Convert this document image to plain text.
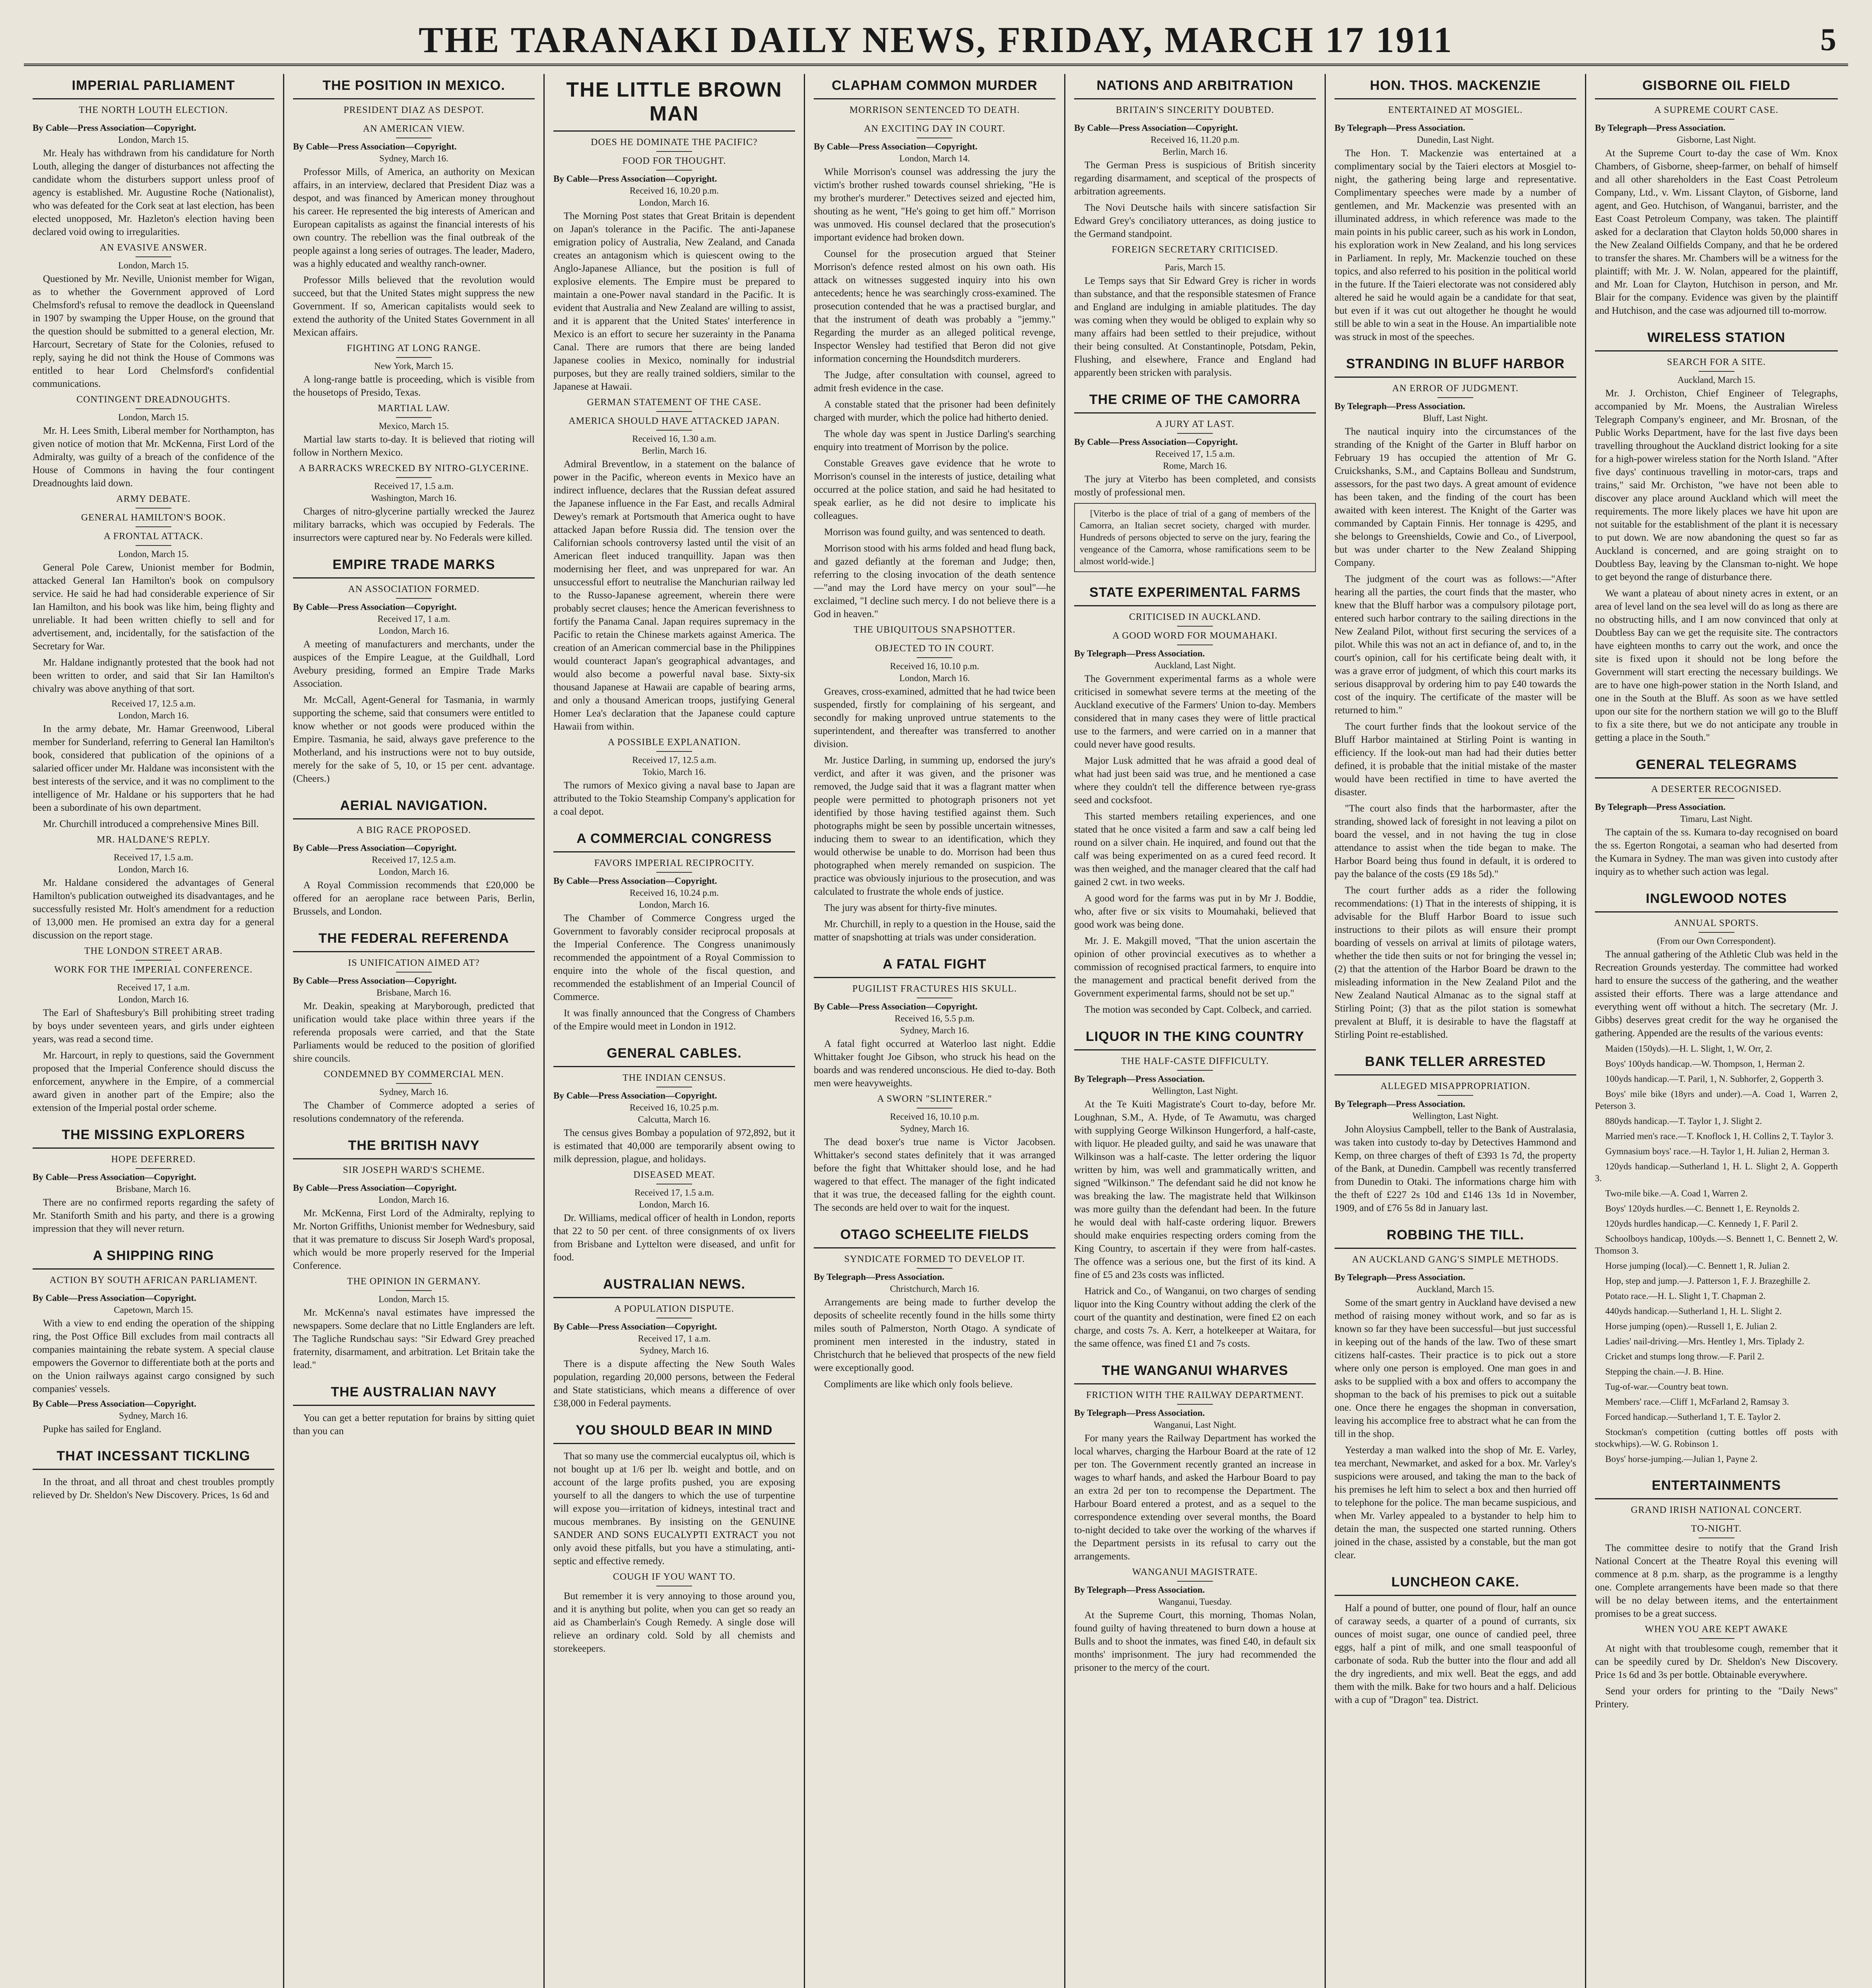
THE TARANAKI DAILY NEWS, FRIDAY, MARCH 17 1911	5
IMPERIAL PARLIAMENT
THE NORTH LOUTH ELECTION.
By Cable—Press Association—Copyright.
London, March 15.

Mr. Healy has withdrawn from his candidature for North Louth, alleging the danger of disturbances not affecting the candidate whom the disturbers support unless proof of agency is established. Mr. Augustine Roche (Nationalist), who was defeated for the Cork seat at last election, has been elected unopposed, Mr. Hazleton's election having been declared void owing to irregularities.

AN EVASIVE ANSWER.
London, March 15.

Questioned by Mr. Neville, Unionist member for Wigan, as to whether the Government approved of Lord Chelmsford's refusal to remove the deadlock in Queensland in 1907 by swamping the Upper House, on the ground that the question should be submitted to a general election, Mr. Harcourt, Secretary of State for the Colonies, refused to reply, saying he did not think the House of Commons was entitled to hear Lord Chelmsford's confidential communications.

CONTINGENT DREADNOUGHTS.
London, March 15.

Mr. H. Lees Smith, Liberal member for Northampton, has given notice of motion that Mr. McKenna, First Lord of the Admiralty, was guilty of a breach of the confidence of the House of Commons in having the four contingent Dreadnoughts laid down.

ARMY DEBATE.
GENERAL HAMILTON'S BOOK.
A FRONTAL ATTACK.
London, March 15.

General Pole Carew, Unionist member for Bodmin, attacked General Ian Hamilton's book on compulsory service. He said he had had considerable experience of Sir Ian Hamilton, and his book was like him, being flighty and unreliable. It had been written chiefly to sell and for advertisement, and, incidentally, for the satisfaction of the Secretary for War.

Mr. Haldane indignantly protested that the book had not been written to order, and said that Sir Ian Hamilton's chivalry was above anything of that sort.

Received 17, 12.5 a.m.
London, March 16.

In the army debate, Mr. Hamar Greenwood, Liberal member for Sunderland, referring to General Ian Hamilton's book, considered that publication of the opinions of a salaried officer under Mr. Haldane was inconsistent with the best interests of the service, and it was no compliment to the intelligence of Mr. Haldane or his supporters that he had been a subordinate of his own department.

Mr. Churchill introduced a comprehensive Mines Bill.

MR. HALDANE'S REPLY.
Received 17, 1.5 a.m.
London, March 16.

Mr. Haldane considered the advantages of General Hamilton's publication outweighed its disadvantages, and he successfully resisted Mr. Holt's amendment for a reduction of 13,000 men. He promised an extra day for a general discussion on the report stage.

THE LONDON STREET ARAB.
WORK FOR THE IMPERIAL CONFERENCE.
Received 17, 1 a.m.
London, March 16.

The Earl of Shaftesbury's Bill prohibiting street trading by boys under seventeen years, and girls under eighteen years, was read a second time.

Mr. Harcourt, in reply to questions, said the Government proposed that the Imperial Conference should discuss the enforcement, anywhere in the Empire, of a commercial award given in another part of the Empire; also the extension of the Imperial postal order scheme.

THE MISSING EXPLORERS
HOPE DEFERRED.
By Cable—Press Association—Copyright.
Brisbane, March 16.

There are no confirmed reports regarding the safety of Mr. Staniforth Smith and his party, and there is a growing impression that they will never return.

A SHIPPING RING
ACTION BY SOUTH AFRICAN PARLIAMENT.
By Cable—Press Association—Copyright.
Capetown, March 15.

With a view to end ending the operation of the shipping ring, the Post Office Bill excludes from mail contracts all companies maintaining the rebate system. A special clause empowers the Governor to differentiate both at the ports and on the Union railways against cargo consigned by such companies' vessels.

By Cable—Press Association—Copyright.
Sydney, March 16.

Pupke has sailed for England.

THAT INCESSANT TICKLING

In the throat, and all throat and chest troubles promptly relieved by Dr. Sheldon's New Discovery. Prices, 1s 6d and

THE POSITION IN MEXICO.
PRESIDENT DIAZ AS DESPOT.
AN AMERICAN VIEW.
By Cable—Press Association—Copyright.
Sydney, March 16.

Professor Mills, of America, an authority on Mexican affairs, in an interview, declared that President Diaz was a despot, and was financed by American money throughout his career. He represented the big interests of American and European capitalists as against the financial interests of his own country. The rebellion was the final outbreak of the people against a long series of outrages. The leader, Madero, was a highly educated and wealthy ranch-owner.

Professor Mills believed that the revolution would succeed, but that the United States might suppress the new Government. If so, American capitalists would seek to extend the authority of the United States Government in all Mexican affairs.

FIGHTING AT LONG RANGE.
New York, March 15.

A long-range battle is proceeding, which is visible from the housetops of Presido, Texas.

MARTIAL LAW.
Mexico, March 15.

Martial law starts to-day. It is believed that rioting will follow in Northern Mexico.

A BARRACKS WRECKED BY NITRO-GLYCERINE.
Received 17, 1.5 a.m.
Washington, March 16.

Charges of nitro-glycerine partially wrecked the Jaurez military barracks, which was occupied by Federals. The insurrectors were captured near by. No Federals were killed.

EMPIRE TRADE MARKS
AN ASSOCIATION FORMED.
By Cable—Press Association—Copyright.
Received 17, 1 a.m.
London, March 16.

A meeting of manufacturers and merchants, under the auspices of the Empire League, at the Guildhall, Lord Avebury presiding, formed an Empire Trade Marks Association.

Mr. McCall, Agent-General for Tasmania, in warmly supporting the scheme, said that consumers were entitled to know whether or not goods were produced within the Empire. Tasmania, he said, always gave preference to the Motherland, and his instructions were not to buy outside, merely for the sake of 5, 10, or 15 per cent. advantage. (Cheers.)

AERIAL NAVIGATION.
A BIG RACE PROPOSED.
By Cable—Press Association—Copyright.
Received 17, 12.5 a.m.
London, March 16.

A Royal Commission recommends that £20,000 be offered for an aeroplane race between Paris, Berlin, Brussels, and London.

THE FEDERAL REFERENDA
IS UNIFICATION AIMED AT?
By Cable—Press Association—Copyright.
Brisbane, March 16.

Mr. Deakin, speaking at Maryborough, predicted that unification would take place within three years if the referenda proposals were carried, and that the State Parliaments would be reduced to the position of glorified shire councils.

CONDEMNED BY COMMERCIAL MEN.
Sydney, March 16.

The Chamber of Commerce adopted a series of resolutions condemnatory of the referenda.

THE BRITISH NAVY
SIR JOSEPH WARD'S SCHEME.
By Cable—Press Association—Copyright.
London, March 16.

Mr. McKenna, First Lord of the Admiralty, replying to Mr. Norton Griffiths, Unionist member for Wednesbury, said that it was premature to discuss Sir Joseph Ward's proposal, which would be more properly reserved for the Imperial Conference.

THE OPINION IN GERMANY.
London, March 15.

Mr. McKenna's naval estimates have impressed the newspapers. Some declare that no Little Englanders are left. The Tagliche Rundschau says: "Sir Edward Grey preached fraternity, disarmament, and arbitration. Let Britain take the lead."

THE AUSTRALIAN NAVY

You can get a better reputation for brains by sitting quiet than you can

THE LITTLE BROWN MAN
DOES HE DOMINATE THE PACIFIC?
FOOD FOR THOUGHT.
By Cable—Press Association—Copyright.
Received 16, 10.20 p.m.
London, March 16.

The Morning Post states that Great Britain is dependent on Japan's tolerance in the Pacific. The anti-Japanese emigration policy of Australia, New Zealand, and Canada creates an antagonism which is quiescent owing to the Anglo-Japanese Alliance, but the position is full of explosive elements. The Empire must be prepared to maintain a one-Power naval standard in the Pacific. It is evident that Australia and New Zealand are willing to assist, and it is apparent that the United States' interference in Mexico is an effort to secure her suzerainty in the Panama Canal. There are rumors that there are being landed Japanese coolies in Mexico, nominally for industrial purposes, but they are really trained soldiers, similar to the Japanese at Hawaii.

GERMAN STATEMENT OF THE CASE.
AMERICA SHOULD HAVE ATTACKED JAPAN.
Received 16, 1.30 a.m.
Berlin, March 16.

Admiral Breventlow, in a statement on the balance of power in the Pacific, whereon events in Mexico have an indirect influence, declares that the Russian defeat assured the Japanese influence in the Far East, and recalls Admiral Dewey's remark at Portsmouth that America ought to have attacked Japan before Russia did. The tension over the Californian schools controversy lasted until the visit of an American fleet induced tranquillity. Japan was then modernising her fleet, and was unprepared for war. An unsuccessful effort to neutralise the Manchurian railway led to the Russo-Japanese agreement, wherein there were probably secret clauses; hence the American feverishness to fortify the Panama Canal. Japan requires supremacy in the Pacific to retain the Chinese markets against America. The creation of an American commercial base in the Philippines would counteract Japan's geographical advantages, and would also become a powerful naval base. Sixty-six thousand Japanese at Hawaii are capable of bearing arms, and only a thousand American troops, justifying General Homer Lea's declaration that the Japanese could capture Hawaii from within.

A POSSIBLE EXPLANATION.
Received 17, 12.5 a.m.
Tokio, March 16.

The rumors of Mexico giving a naval base to Japan are attributed to the Tokio Steamship Company's application for a coal depot.

A COMMERCIAL CONGRESS
FAVORS IMPERIAL RECIPROCITY.
By Cable—Press Association—Copyright.
Received 16, 10.24 p.m.
London, March 16.

The Chamber of Commerce Congress urged the Government to favorably consider reciprocal proposals at the Imperial Conference. The Congress unanimously recommended the appointment of a Royal Commission to enquire into the whole of the fiscal question, and recommended the establishment of an Imperial Council of Commerce.

It was finally announced that the Congress of Chambers of the Empire would meet in London in 1912.

GENERAL CABLES.
THE INDIAN CENSUS.
By Cable—Press Association—Copyright.
Received 16, 10.25 p.m.
Calcutta, March 16.

The census gives Bombay a population of 972,892, but it is estimated that 40,000 are temporarily absent owing to milk depression, plague, and holidays.

DISEASED MEAT.
Received 17, 1.5 a.m.
London, March 16.

Dr. Williams, medical officer of health in London, reports that 22 to 50 per cent. of three consignments of ox livers from Brisbane and Lyttelton were diseased, and unfit for food.

AUSTRALIAN NEWS.
A POPULATION DISPUTE.
By Cable—Press Association—Copyright.
Received 17, 1 a.m.
Sydney, March 16.

There is a dispute affecting the New South Wales population, regarding 20,000 persons, between the Federal and State statisticians, which means a difference of over £38,000 in Federal payments.

YOU SHOULD BEAR IN MIND

That so many use the commercial eucalyptus oil, which is not bought up at 1/6 per lb. weight and bottle, and on account of the large profits pushed, you are exposing yourself to all the dangers to which the use of turpentine will expose you—irritation of kidneys, intestinal tract and mucous membranes. By insisting on the GENUINE SANDER AND SONS EUCALYPTI EXTRACT you not only avoid these pitfalls, but you have a stimulating, anti-septic and effective remedy.

COUGH IF YOU WANT TO.

But remember it is very annoying to those around you, and it is anything but polite, when you can get so ready an aid as Chamberlain's Cough Remedy. A single dose will relieve an ordinary cold. Sold by all chemists and storekeepers.

CLAPHAM COMMON MURDER
MORRISON SENTENCED TO DEATH.
AN EXCITING DAY IN COURT.
By Cable—Press Association—Copyright.
London, March 14.

While Morrison's counsel was addressing the jury the victim's brother rushed towards counsel shrieking, "He is my brother's murderer." Detectives seized and ejected him, shouting as he went, "He's going to get him off." Morrison was unmoved. His counsel declared that the prosecution's important evidence had broken down.

Counsel for the prosecution argued that Steiner Morrison's defence rested almost on his own oath. His attack on witnesses suggested inquiry into his own antecedents; hence he was searchingly cross-examined. The prosecution contended that he was a practised burglar, and that the instrument of death was probably a "jemmy." Regarding the murder as an alleged political revenge, Inspector Wensley had testified that Beron did not give information concerning the Houndsditch murderers.

The Judge, after consultation with counsel, agreed to admit fresh evidence in the case.

A constable stated that the prisoner had been definitely charged with murder, which the police had hitherto denied.

The whole day was spent in Justice Darling's searching enquiry into treatment of Morrison by the police.

Constable Greaves gave evidence that he wrote to Morrison's counsel in the interests of justice, detailing what occurred at the police station, and said he had hesitated to speak earlier, as he did not desire to implicate his colleagues.

Morrison was found guilty, and was sentenced to death.

Morrison stood with his arms folded and head flung back, and gazed defiantly at the foreman and Judge; then, referring to the closing invocation of the death sentence—"and may the Lord have mercy on your soul"—he exclaimed, "I decline such mercy. I do not believe there is a God in heaven."

THE UBIQUITOUS SNAPSHOTTER.
OBJECTED TO IN COURT.
Received 16, 10.10 p.m.
London, March 16.

Greaves, cross-examined, admitted that he had twice been suspended, firstly for complaining of his sergeant, and secondly for making unproved untrue statements to the superintendent, and thereafter was transferred to another division.

Mr. Justice Darling, in summing up, endorsed the jury's verdict, and after it was given, and the prisoner was removed, the Judge said that it was a flagrant matter when people were permitted to photograph prisoners not yet identified by those having testified against them. Such photographs might be seen by possible uncertain witnesses, inducing them to swear to an identification, which they would otherwise be unable to do. Morrison had been thus photographed when merely remanded on suspicion. The practice was obviously injurious to the prosecution, and was calculated to frustrate the whole ends of justice.

The jury was absent for thirty-five minutes.

Mr. Churchill, in reply to a question in the House, said the matter of snapshotting at trials was under consideration.

A FATAL FIGHT
PUGILIST FRACTURES HIS SKULL.
By Cable—Press Association—Copyright.
Received 16, 5.5 p.m.
Sydney, March 16.

A fatal fight occurred at Waterloo last night. Eddie Whittaker fought Joe Gibson, who struck his head on the boards and was rendered unconscious. He died to-day. Both men were heavyweights.

A SWORN "SLINTERER."
Received 16, 10.10 p.m.
Sydney, March 16.

The dead boxer's true name is Victor Jacobsen. Whittaker's second states definitely that it was arranged before the fight that Whittaker should lose, and he had wagered to that effect. The manager of the fight indicated that it was true, the deceased falling for the eighth count. The seconds are held over to wait for the inquest.

OTAGO SCHEELITE FIELDS
SYNDICATE FORMED TO DEVELOP IT.
By Telegraph—Press Association.
Christchurch, March 16.

Arrangements are being made to further develop the deposits of scheelite recently found in the hills some thirty miles south of Palmerston, North Otago. A syndicate of prominent men interested in the industry, stated in Christchurch that he believed that prospects of the new field were exceptionally good.

Compliments are like which only fools believe.

NATIONS AND ARBITRATION
BRITAIN'S SINCERITY DOUBTED.
By Cable—Press Association—Copyright.
Received 16, 11.20 p.m.
Berlin, March 16.

The German Press is suspicious of British sincerity regarding disarmament, and sceptical of the prospects of arbitration agreements.

The Novi Deutsche hails with sincere satisfaction Sir Edward Grey's conciliatory utterances, as doing justice to the Germand standpoint.

FOREIGN SECRETARY CRITICISED.
Paris, March 15.

Le Temps says that Sir Edward Grey is richer in words than substance, and that the responsible statesmen of France and England are indulging in amiable platitudes. The day was coming when they would be obliged to explain why so many affairs had been settled to their prejudice, without their being consulted. At Constantinople, Potsdam, Pekin, Flushing, and elsewhere, France and England had apparently been stricken with paralysis.

THE CRIME OF THE CAMORRA
A JURY AT LAST.
By Cable—Press Association—Copyright.
Received 17, 1.5 a.m.
Rome, March 16.

The jury at Viterbo has been completed, and consists mostly of professional men.

[Viterbo is the place of trial of a gang of members of the Camorra, an Italian secret society, charged with murder. Hundreds of persons objected to serve on the jury, fearing the vengeance of the Camorra, whose ramifications seem to be almost world-wide.]

STATE EXPERIMENTAL FARMS
CRITICISED IN AUCKLAND.
A GOOD WORD FOR MOUMAHAKI.
By Telegraph—Press Association.
Auckland, Last Night.

The Government experimental farms as a whole were criticised in somewhat severe terms at the meeting of the Auckland executive of the Farmers' Union to-day. Members considered that in many cases they were of little practical use to the farmers, and were carried on in a manner that could never have good results.

Major Lusk admitted that he was afraid a good deal of what had just been said was true, and he mentioned a case where they couldn't tell the difference between rye-grass seed and cocksfoot.

This started members retailing experiences, and one stated that he once visited a farm and saw a calf being led round on a silver chain. He inquired, and found out that the calf was being experimented on as a cured feed record. It was then weighed, and the manager cleared that the calf had gained 2 cwt. in two weeks.

A good word for the farms was put in by Mr J. Boddie, who, after five or six visits to Moumahaki, believed that good work was being done.

Mr. J. E. Makgill moved, "That the union ascertain the opinion of other provincial executives as to whether a commission of recognised practical farmers, to enquire into the management and practical benefit derived from the Government experimental farms, should not be set up."

The motion was seconded by Capt. Colbeck, and carried.

LIQUOR IN THE KING COUNTRY
THE HALF-CASTE DIFFICULTY.
By Telegraph—Press Association.
Wellington, Last Night.

At the Te Kuiti Magistrate's Court to-day, before Mr. Loughnan, S.M., A. Hyde, of Te Awamutu, was charged with supplying George Wilkinson Hungerford, a half-caste, with liquor. He pleaded guilty, and said he was unaware that Wilkinson was a half-caste. The letter ordering the liquor written by him, was well and grammatically written, and signed "Wilkinson." The defendant said he did not know he was breaking the law. The magistrate held that Wilkinson was more guilty than the defendant had been. In the future he would deal with half-caste ordering liquor. Brewers should make enquiries respecting orders coming from the King Country, to ascertain if they were from half-castes. The offence was a serious one, but the first of its kind. A fine of £5 and 23s costs was inflicted.

Hatrick and Co., of Wanganui, on two charges of sending liquor into the King Country without adding the clerk of the court of the quantity and destination, were fined £2 on each charge, and costs 7s. A. Kerr, a hotelkeeper at Waitara, for the same offence, was fined £1 and 7s costs.

THE WANGANUI WHARVES
FRICTION WITH THE RAILWAY DEPARTMENT.
By Telegraph—Press Association.
Wanganui, Last Night.

For many years the Railway Department has worked the local wharves, charging the Harbour Board at the rate of 12 per ton. The Government recently granted an increase in wages to wharf hands, and asked the Harbour Board to pay an extra 2d per ton to recompense the Department. The Harbour Board entered a protest, and as a sequel to the correspondence extending over several months, the Board to-night decided to take over the working of the wharves if the Department persists in its refusal to carry out the arrangements.

WANGANUI MAGISTRATE.
By Telegraph—Press Association.
Wanganui, Tuesday.

At the Supreme Court, this morning, Thomas Nolan, found guilty of having threatened to burn down a house at Bulls and to shoot the inmates, was fined £40, in default six months' imprisonment. The jury had recommended the prisoner to the mercy of the court.

HON. THOS. MACKENZIE
ENTERTAINED AT MOSGIEL.
By Telegraph—Press Association.
Dunedin, Last Night.

The Hon. T. Mackenzie was entertained at a complimentary social by the Taieri electors at Mosgiel to-night, the gathering being large and representative. Complimentary speeches were made by a number of gentlemen, and Mr. Mackenzie was presented with an illuminated address, in which reference was made to the main points in his public career, such as his work in London, his exploration work in New Zealand, and his long services in Parliament. In reply, Mr. Mackenzie touched on these topics, and also referred to his position in the political world in the future. If the Taieri electorate was not considered ably altered he said he would again be a candidate for that seat, but even if it was cut out altogether he thought he would still be able to win a seat in the House. An impartialible note was struck in most of the speeches.

STRANDING IN BLUFF HARBOR
AN ERROR OF JUDGMENT.
By Telegraph—Press Association.
Bluff, Last Night.

The nautical inquiry into the circumstances of the stranding of the Knight of the Garter in Bluff harbor on February 19 has occupied the attention of Mr G. Cruickshanks, S.M., and Captains Bolleau and Sundstrum, assessors, for the past two days. A great amount of evidence has been taken, and the finding of the court has been awaited with keen interest. The Knight of the Garter was commanded by Captain Finnis. Her tonnage is 4295, and she belongs to Greenshields, Cowie and Co., of Liverpool, but was under charter to the New Zealand Shipping Company.

The judgment of the court was as follows:—"After hearing all the parties, the court finds that the master, who knew that the Bluff harbor was a compulsory pilotage port, entered such harbor contrary to the sailing directions in the New Zealand Pilot, without first securing the services of a pilot. While this was not an act in defiance of, and to, in the court's opinion, call for his certificate being dealt with, it was a grave error of judgment, of which this court marks its serious disapproval by ordering him to pay £40 towards the cost of the inquiry. The certificate of the master will be returned to him."

The court further finds that the lookout service of the Bluff Harbor maintained at Stirling Point is wanting in efficiency. If the look-out man had had their duties better defined, it is probable that the initial mistake of the master would have been rectified in time to have averted the disaster.

"The court also finds that the harbormaster, after the stranding, showed lack of foresight in not leaving a pilot on board the vessel, and in not having the tug in close attendance to assist when the tide began to make. The Harbor Board being thus found in default, it is ordered to pay the balance of the costs (£9 18s 5d)."

The court further adds as a rider the following recommendations: (1) That in the interests of shipping, it is advisable for the Bluff Harbor Board to issue such instructions to their pilots as will ensure their prompt boarding of vessels on arrival at limits of pilotage waters, whether the tide then suits or not for bringing the vessel in; (2) that the attention of the Harbor Board be drawn to the misleading information in the New Zealand Pilot and the New Zealand Nautical Almanac as to the signal staff at Stirling Point; (3) that as the pilot station is somewhat prevalent at Bluff, it is desirable to have the flagstaff at Stirling Point re-established.

BANK TELLER ARRESTED
ALLEGED MISAPPROPRIATION.
By Telegraph—Press Association.
Wellington, Last Night.

John Aloysius Campbell, teller to the Bank of Australasia, was taken into custody to-day by Detectives Hammond and Kemp, on three charges of theft of £393 1s 7d, the property of the Bank, at Dunedin. Campbell was recently transferred from Dunedin to Otaki. The informations charge him with the theft of £227 2s 10d and £146 13s 1d in November, 1909, and of £76 5s 8d in January last.

ROBBING THE TILL.
AN AUCKLAND GANG'S SIMPLE METHODS.
By Telegraph—Press Association.
Auckland, March 15.

Some of the smart gentry in Auckland have devised a new method of raising money without work, and so far as is known so far they have been successful—but just successful in keeping out of the hands of the law. Two of these smart citizens half-castes. Their practice is to pick out a store where only one person is employed. One man goes in and asks to be supplied with a box and offers to accompany the shopman to the back of his premises to pick out a suitable one. Once there he engages the shopman in conversation, leaving his accomplice free to abstract what he can from the till in the shop.

Yesterday a man walked into the shop of Mr. E. Varley, tea merchant, Newmarket, and asked for a box. Mr. Varley's suspicions were aroused, and taking the man to the back of his premises he left him to select a box and then hurried off to telephone for the police. The man became suspicious, and when Mr. Varley appealed to a bystander to help him to detain the man, the suspected one started running. Others joined in the chase, assisted by a constable, but the man got clear.

LUNCHEON CAKE.

Half a pound of butter, one pound of flour, half an ounce of caraway seeds, a quarter of a pound of currants, six ounces of moist sugar, one ounce of candied peel, three eggs, half a pint of milk, and one small teaspoonful of carbonate of soda. Rub the butter into the flour and add all the dry ingredients, and mix well. Beat the eggs, and add them with the milk. Bake for two hours and a half. Delicious with a cup of "Dragon" tea. District.

GISBORNE OIL FIELD
A SUPREME COURT CASE.
By Telegraph—Press Association.
Gisborne, Last Night.

At the Supreme Court to-day the case of Wm. Knox Chambers, of Gisborne, sheep-farmer, on behalf of himself and all other shareholders in the East Coast Petroleum Company, Ltd., v. Wm. Lissant Clayton, of Gisborne, land agent, and Geo. Hutchison, of Wanganui, barrister, and the East Coast Petroleum Company, was taken. The plaintiff asked for a declaration that Clayton holds 50,000 shares in the New Zealand Oilfields Company, and that he be ordered to transfer the shares. Mr. Chambers will be a witness for the plaintiff; with Mr. J. W. Nolan, appeared for the plaintiff, and Mr. Loan for Clayton, Hutchison in person, and Mr. Blair for the company. Evidence was given by the plaintiff and Hutchison, and the case was adjourned till to-morrow.

WIRELESS STATION
SEARCH FOR A SITE.
Auckland, March 15.

Mr. J. Orchiston, Chief Engineer of Telegraphs, accompanied by Mr. Moens, the Australian Wireless Telegraph Company's engineer, and Mr. Brosnan, of the Public Works Department, have for the last five days been travelling throughout the Auckland district looking for a site for a high-power wireless station for the North Island. "After five days' continuous travelling in motor-cars, traps and trains," said Mr. Orchiston, "we have not been able to discover any place around Auckland which will meet the requirements. The more likely places we have hit upon are not suitable for the establishment of the plant it is necessary to put down. We are now abandoning the quest so far as Auckland is concerned, and are going straight on to Doubtless Bay, leaving by the Clansman to-night. We hope to get beyond the range of disturbance there.

We want a plateau of about ninety acres in extent, or an area of level land on the sea level will do as long as there are no obstructing hills, and I am now convinced that only at Doubtless Bay can we get the requisite site. The contractors have eighteen months to carry out the work, and once the site is fixed upon it should not be long before the Government will start erecting the necessary buildings. We are to have one high-power station in the North Island, and one in the South at the Bluff. As soon as we have settled upon our site for the northern station we will go to the Bluff to fix a site there, but we do not anticipate any trouble in getting a place in the South."

GENERAL TELEGRAMS
A DESERTER RECOGNISED.
By Telegraph—Press Association.
Timaru, Last Night.

The captain of the ss. Kumara to-day recognised on board the ss. Egerton Rongotai, a seaman who had deserted from the Kumara in Sydney. The man was given into custody after inquiry as to whether such action was legal.

INGLEWOOD NOTES
ANNUAL SPORTS.
(From our Own Correspondent).

The annual gathering of the Athletic Club was held in the Recreation Grounds yesterday. The committee had worked hard to ensure the success of the gathering, and the weather assisted their efforts. There was a large attendance and everything went off without a hitch. The secretary (Mr. J. Gibbs) deserves great credit for the way he organised the gathering. Appended are the results of the various events:

Maiden (150yds).—H. L. Slight, 1, W. Orr, 2.

Boys' 100yds handicap.—W. Thompson, 1, Herman 2.

100yds handicap.—T. Paril, 1, N. Subhorfer, 2, Gopperth 3.

Boys' mile bike (18yrs and under).—A. Coad 1, Warren 2, Peterson 3.

880yds handicap.—T. Taylor 1, J. Slight 2.

Married men's race.—T. Knoflock 1, H. Collins 2, T. Taylor 3.

Gymnasium boys' race.—H. Taylor 1, H. Julian 2, Herman 3.

120yds handicap.—Sutherland 1, H. L. Slight 2, A. Gopperth 3.

Two-mile bike.—A. Coad 1, Warren 2.

Boys' 120yds hurdles.—C. Bennett 1, E. Reynolds 2.

120yds hurdles handicap.—C. Kennedy 1, F. Paril 2.

Schoolboys handicap, 100yds.—S. Bennett 1, C. Bennett 2, W. Thomson 3.

Horse jumping (local).—C. Bennett 1, R. Julian 2.

Hop, step and jump.—J. Patterson 1, F. J. Brazeghille 2.

Potato race.—H. L. Slight 1, T. Chapman 2.

440yds handicap.—Sutherland 1, H. L. Slight 2.

Horse jumping (open).—Russell 1, E. Julian 2.

Ladies' nail-driving.—Mrs. Hentley 1, Mrs. Tiplady 2.

Cricket and stumps long throw.—F. Paril 2.

Stepping the chain.—J. B. Hine.

Tug-of-war.—Country beat town.

Members' race.—Cliff 1, McFarland 2, Ramsay 3.

Forced handicap.—Sutherland 1, T. E. Taylor 2.

Stockman's competition (cutting bottles off posts with stockwhips).—W. G. Robinson 1.

Boys' horse-jumping.—Julian 1, Payne 2.

ENTERTAINMENTS
GRAND IRISH NATIONAL CONCERT.
TO-NIGHT.

The committee desire to notify that the Grand Irish National Concert at the Theatre Royal this evening will commence at 8 p.m. sharp, as the programme is a lengthy one. Complete arrangements have been made so that there will be no delay between items, and the entertainment promises to be a great success.

WHEN YOU ARE KEPT AWAKE

At night with that troublesome cough, remember that it can be speedily cured by Dr. Sheldon's New Discovery. Price 1s 6d and 3s per bottle. Obtainable everywhere.

Send your orders for printing to the "Daily News" Printery.
